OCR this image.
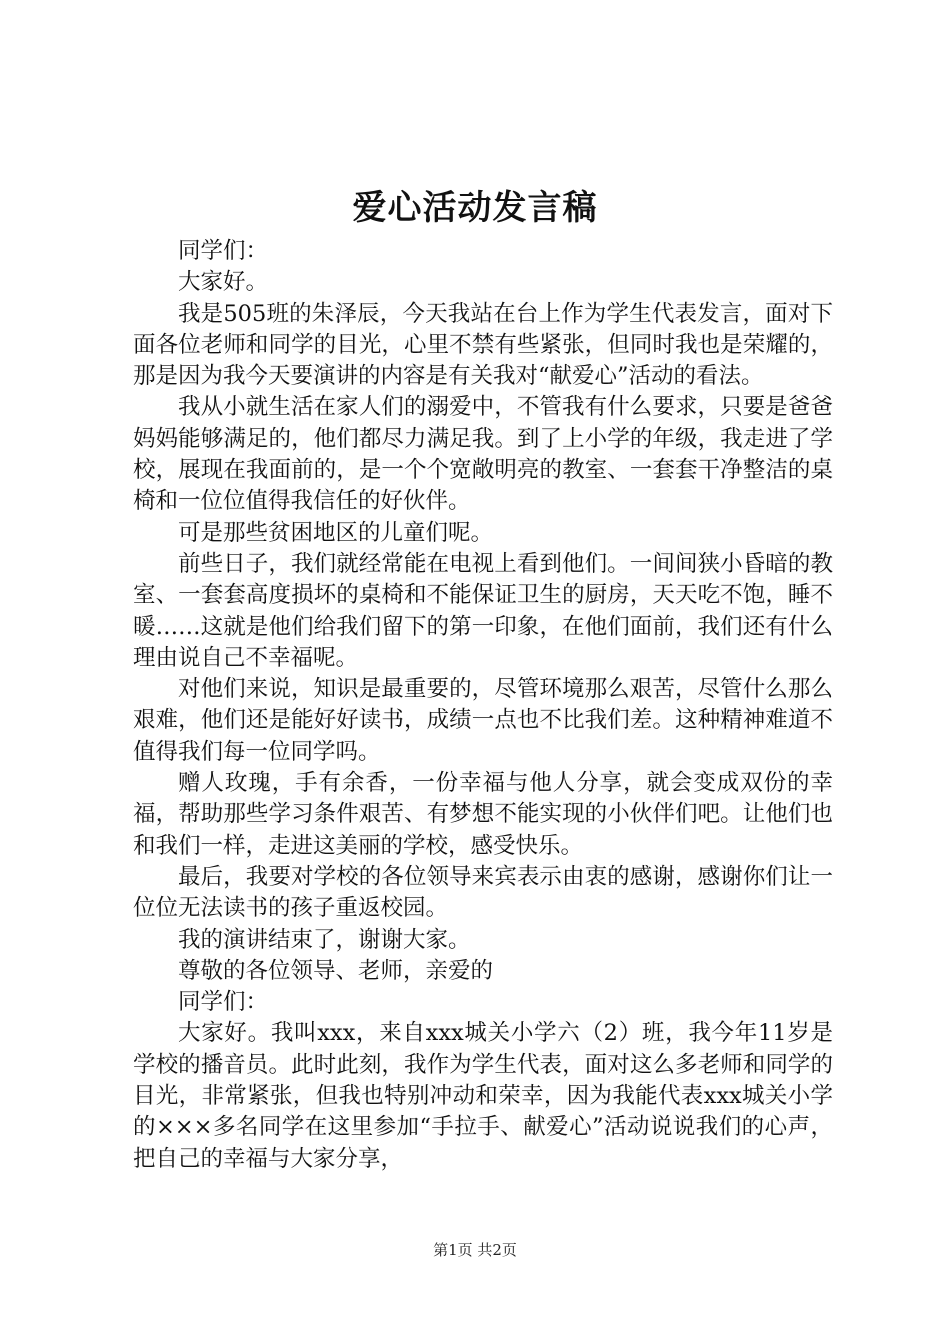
爱心活动发言稿

同学们：

大家好。

我是505班的朱泽辰，今天我站在台上作为学生代表发言，面对下面各位老师和同学的目光，心里不禁有些紧张，但同时我也是荣耀的，那是因为我今天要演讲的内容是有关我对“献爱心”活动的看法。

我从小就生活在家人们的溺爱中，不管我有什么要求，只要是爸爸妈妈能够满足的，他们都尽力满足我。到了上小学的年级，我走进了学校，展现在我面前的，是一个个宽敞明亮的教室、一套套干净整洁的桌椅和一位位值得我信任的好伙伴。

可是那些贫困地区的儿童们呢。

前些日子，我们就经常能在电视上看到他们。一间间狭小昏暗的教室、一套套高度损坏的桌椅和不能保证卫生的厨房，天天吃不饱，睡不暖……这就是他们给我们留下的第一印象，在他们面前，我们还有什么理由说自己不幸福呢。

对他们来说，知识是最重要的，尽管环境那么艰苦，尽管什么那么艰难，他们还是能好好读书，成绩一点也不比我们差。这种精神难道不值得我们每一位同学吗。

赠人玫瑰，手有余香，一份幸福与他人分享，就会变成双份的幸福，帮助那些学习条件艰苦、有梦想不能实现的小伙伴们吧。让他们也和我们一样，走进这美丽的学校，感受快乐。

最后，我要对学校的各位领导来宾表示由衷的感谢，感谢你们让一位位无法读书的孩子重返校园。

我的演讲结束了，谢谢大家。

尊敬的各位领导、老师，亲爱的

同学们：

大家好。我叫xxx，来自xxx城关小学六（2）班，我今年11岁是学校的播音员。此时此刻，我作为学生代表，面对这么多老师和同学的目光，非常紧张，但我也特别冲动和荣幸，因为我能代表xxx城关小学的×××多名同学在这里参加“手拉手、献爱心”活动说说我们的心声，把自己的幸福与大家分享，

第1页 共2页
